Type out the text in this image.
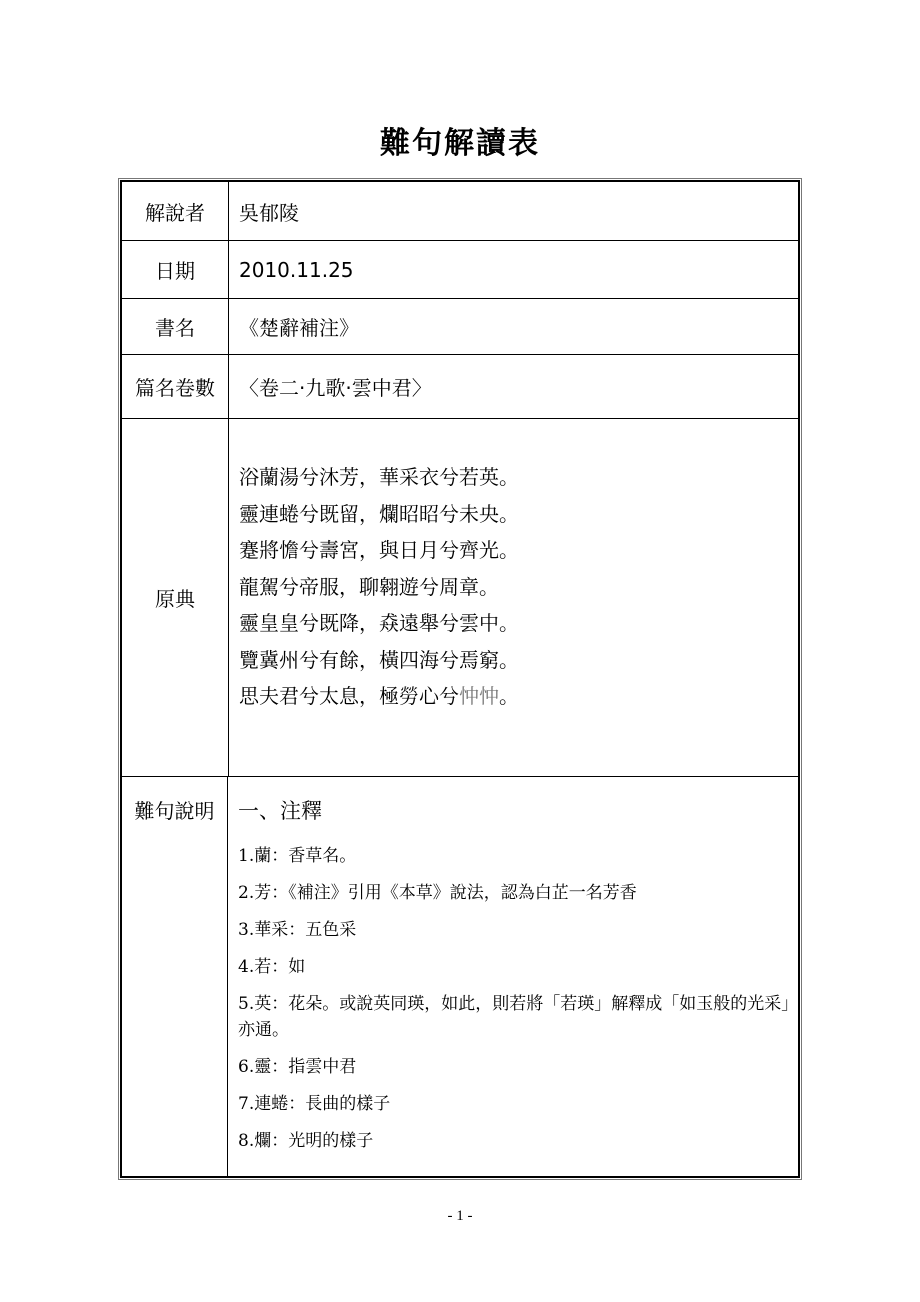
難句解讀表
解說者	吳郁陵
日期	2010.11.25
書名	《楚辭補注》
篇名卷數	〈卷二·九歌·雲中君〉
原典
浴蘭湯兮沐芳，華采衣兮若英。
靈連蜷兮既留，爛昭昭兮未央。
蹇將憺兮壽宮，與日月兮齊光。
龍駕兮帝服，聊翱遊兮周章。
靈皇皇兮既降，猋遠舉兮雲中。
覽冀州兮有餘，橫四海兮焉窮。
思夫君兮太息，極勞心兮忡忡。
難句說明	一、注釋
1.蘭：香草名。
2.芳：《補注》引用《本草》說法，認為白芷一名芳香
3.華采：五色采
4.若：如
5.英：花朵。或說英同瑛，如此，則若將「若瑛」解釋成「如玉般的光采」亦通。
6.靈：指雲中君
7.連蜷：長曲的樣子
8.爛：光明的樣子
- 1 -
